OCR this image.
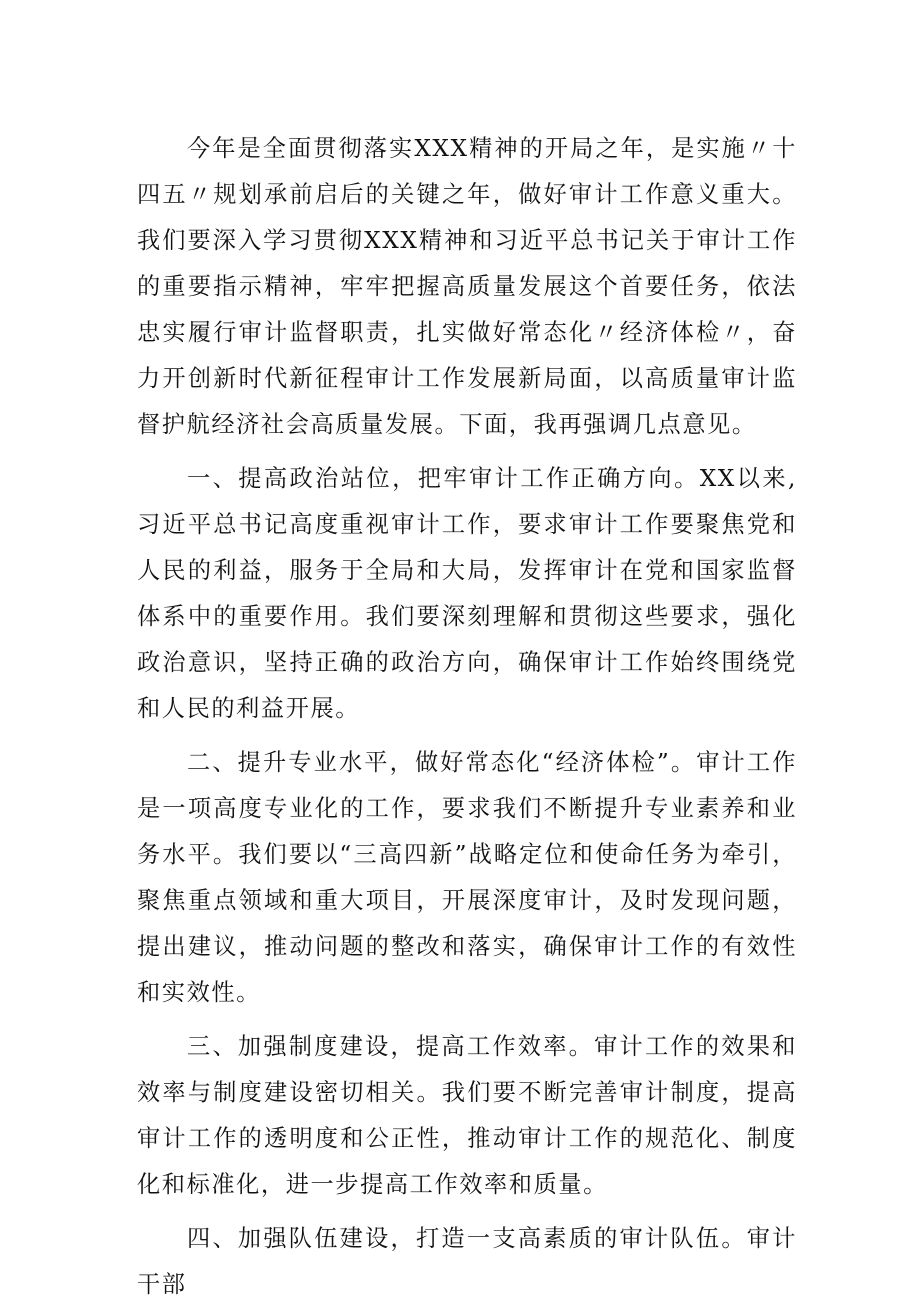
今年是全面贯彻落实XXX精神的开局之年，是实施〃十四五〃规划承前启后的关键之年，做好审计工作意义重大。我们要深入学习贯彻XXX精神和习近平总书记关于审计工作的重要指示精神，牢牢把握高质量发展这个首要任务，依法忠实履行审计监督职责，扎实做好常态化〃经济体检〃，奋力开创新时代新征程审计工作发展新局面，以高质量审计监督护航经济社会高质量发展。下面，我再强调几点意见。

一、提高政治站位，把牢审计工作正确方向。XX以来,习近平总书记高度重视审计工作，要求审计工作要聚焦党和人民的利益，服务于全局和大局，发挥审计在党和国家监督体系中的重要作用。我们要深刻理解和贯彻这些要求，强化政治意识，坚持正确的政治方向，确保审计工作始终围绕党和人民的利益开展。

二、提升专业水平，做好常态化“经济体检”。审计工作是一项高度专业化的工作，要求我们不断提升专业素养和业务水平。我们要以“三高四新”战略定位和使命任务为牵引，聚焦重点领域和重大项目，开展深度审计，及时发现问题，提出建议，推动问题的整改和落实，确保审计工作的有效性和实效性。

三、加强制度建设，提高工作效率。审计工作的效果和效率与制度建设密切相关。我们要不断完善审计制度，提高审计工作的透明度和公正性，推动审计工作的规范化、制度化和标准化，进一步提高工作效率和质量。

四、加强队伍建设，打造一支高素质的审计队伍。审计干部
